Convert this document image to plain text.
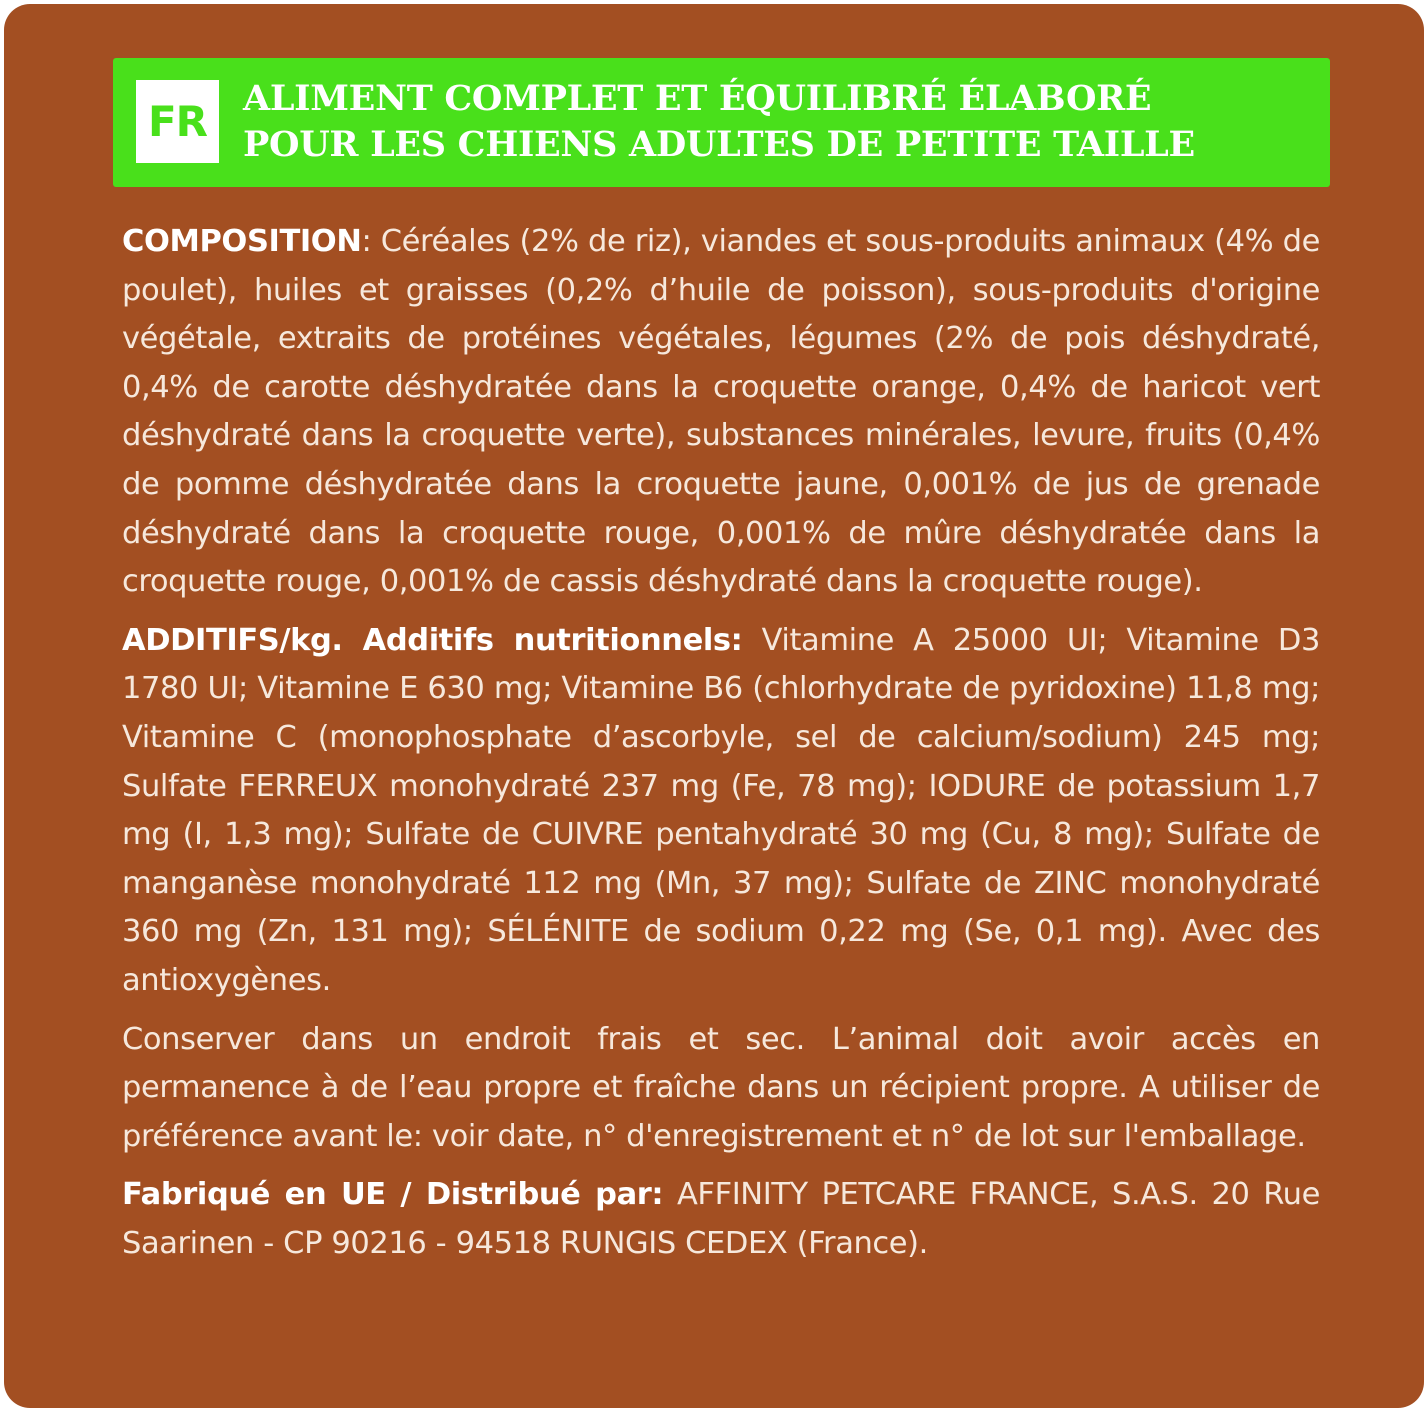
FR ALIMENT COMPLET ET ÉQUILIBRÉ ÉLABORÉ
POUR LES CHIENS ADULTES DE PETITE TAILLE

COMPOSITION: Céréales (2% de riz), viandes et sous-produits animaux (4% de poulet), huiles et graisses (0,2% d’huile de poisson), sous-produits d'origine végétale, extraits de protéines végétales, légumes (2% de pois déshydraté, 0,4% de carotte déshydratée dans la croquette orange, 0,4% de haricot vert déshydraté dans la croquette verte), substances minérales, levure, fruits (0,4% de pomme déshydratée dans la croquette jaune, 0,001% de jus de grenade déshydraté dans la croquette rouge, 0,001% de mûre déshydratée dans la croquette rouge, 0,001% de cassis déshydraté dans la croquette rouge).

ADDITIFS/kg. Additifs nutritionnels: Vitamine A 25000 UI; Vitamine D3 1780 UI; Vitamine E 630 mg; Vitamine B6 (chlorhydrate de pyridoxine) 11,8 mg; Vitamine C (monophosphate d’ascorbyle, sel de calcium/sodium) 245 mg; Sulfate FERREUX monohydraté 237 mg (Fe, 78 mg); IODURE de potassium 1,7 mg (I, 1,3 mg); Sulfate de CUIVRE pentahydraté 30 mg (Cu, 8 mg); Sulfate de manganèse monohydraté 112 mg (Mn, 37 mg); Sulfate de ZINC monohydraté 360 mg (Zn, 131 mg); SÉLÉNITE de sodium 0,22 mg (Se, 0,1 mg). Avec des antioxygènes.

Conserver dans un endroit frais et sec. L’animal doit avoir accès en permanence à de l’eau propre et fraîche dans un récipient propre. A utiliser de préférence avant le: voir date, n° d'enregistrement et n° de lot sur l'emballage.

Fabriqué en UE / Distribué par: AFFINITY PETCARE FRANCE, S.A.S. 20 Rue Saarinen - CP 90216 - 94518 RUNGIS CEDEX (France).
